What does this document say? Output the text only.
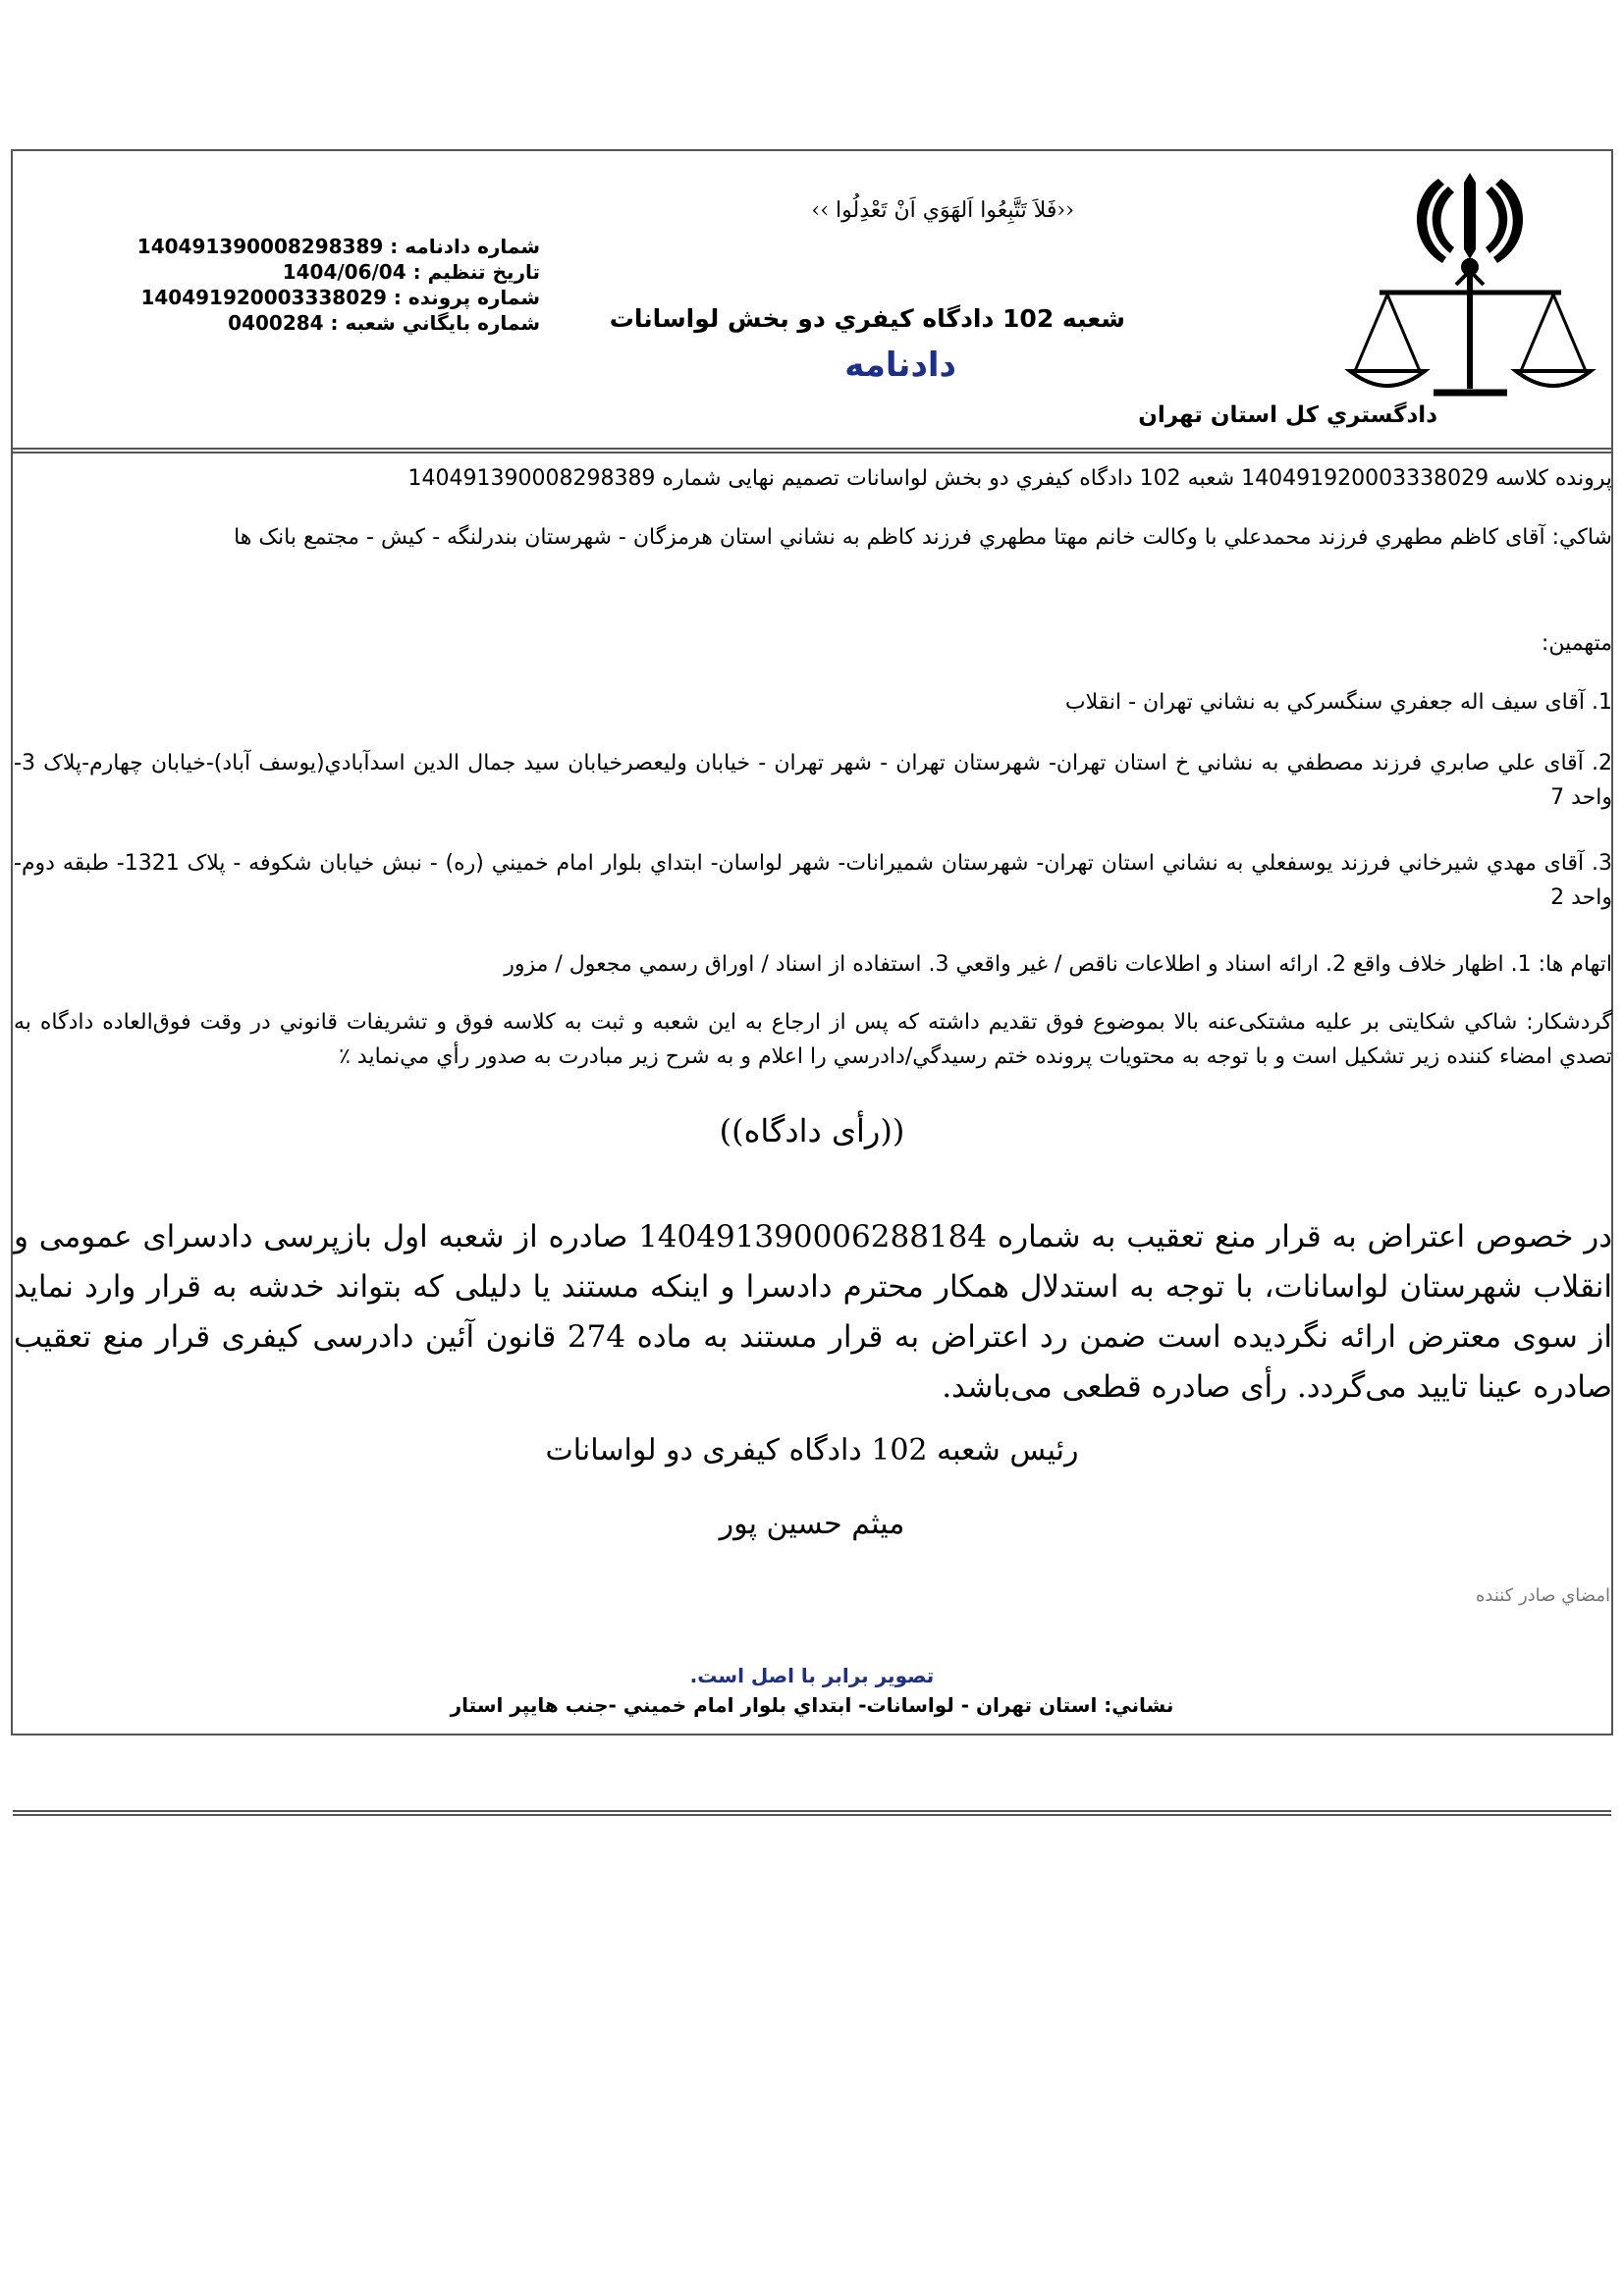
دادگستري كل استان تهران
‹‹فَلاَ تَتَّبِعُوا اَلهَوَي اَنْ تَعْدِلُوا ››
شعبه 102 دادگاه كيفري دو بخش لواسانات
دادنامه
شماره دادنامه : 140491390008298389
تاريخ تنظيم : 1404/06/04
شماره پرونده : 140491920003338029
شماره بايگاني شعبه : 0400284
پرونده كلاسه 140491920003338029 شعبه 102 دادگاه كيفري دو بخش لواسانات تصميم نهايی شماره 140491390008298389
شاكي: آقای كاظم مطهري فرزند محمدعلي با وكالت خانم مهتا مطهري فرزند كاظم به نشاني استان هرمزگان - شهرستان بندرلنگه - كيش - مجتمع بانک ها
متهمين:
1. آقای سيف اله جعفري سنگسركي به نشاني تهران - انقلاب
2. آقای علي صابري فرزند مصطفي به نشاني خ استان تهران- شهرستان تهران - شهر تهران - خيابان وليعصرخيابان سيد جمال الدين اسدآبادي(يوسف آباد)-خيابان چهارم-پلاک 3- واحد 7
3. آقای مهدي شيرخاني فرزند يوسفعلي به نشاني استان تهران- شهرستان شميرانات- شهر لواسان- ابتداي بلوار امام خميني (ره) - نبش خيابان شكوفه - پلاک 1321- طبقه دوم- واحد 2
اتهام ها: 1. اظهار خلاف واقع 2. ارائه اسناد و اطلاعات ناقص / غير واقعي 3. استفاده از اسناد / اوراق رسمي مجعول / مزور
گردشكار: شاكي شكايتی بر عليه مشتكی‌عنه بالا بموضوع فوق تقديم داشته كه پس از ارجاع به اين شعبه و ثبت به كلاسه فوق و تشريفات قانوني در وقت فوق‌العاده دادگاه به تصدي امضاء كننده زير تشكيل است و با توجه به محتويات پرونده ختم رسيدگي/دادرسي را اعلام و به شرح زير مبادرت به صدور رأي مي‌نمايد ٪
((رأی دادگاه))
در خصوص اعتراض به قرار منع تعقیب به شماره 140491390006288184 صادره از شعبه اول بازپرسی دادسرای عمومی و انقلاب شهرستان لواسانات، با توجه به استدلال همکار محترم دادسرا و اینکه مستند یا دلیلی که بتواند خدشه به قرار وارد نماید از سوی معترض ارائه نگردیده است ضمن رد اعتراض به قرار مستند به ماده 274 قانون آئین دادرسی کیفری قرار منع تعقیب صادره عینا تایید می‌گردد. رأی صادره قطعی می‌باشد.
رئیس شعبه 102 دادگاه کیفری دو لواسانات
میثم حسین پور
امضاي صادر كننده
تصوير برابر با اصل است.
نشاني: استان تهران - لواسانات- ابتداي بلوار امام خميني -جنب هايپر استار
